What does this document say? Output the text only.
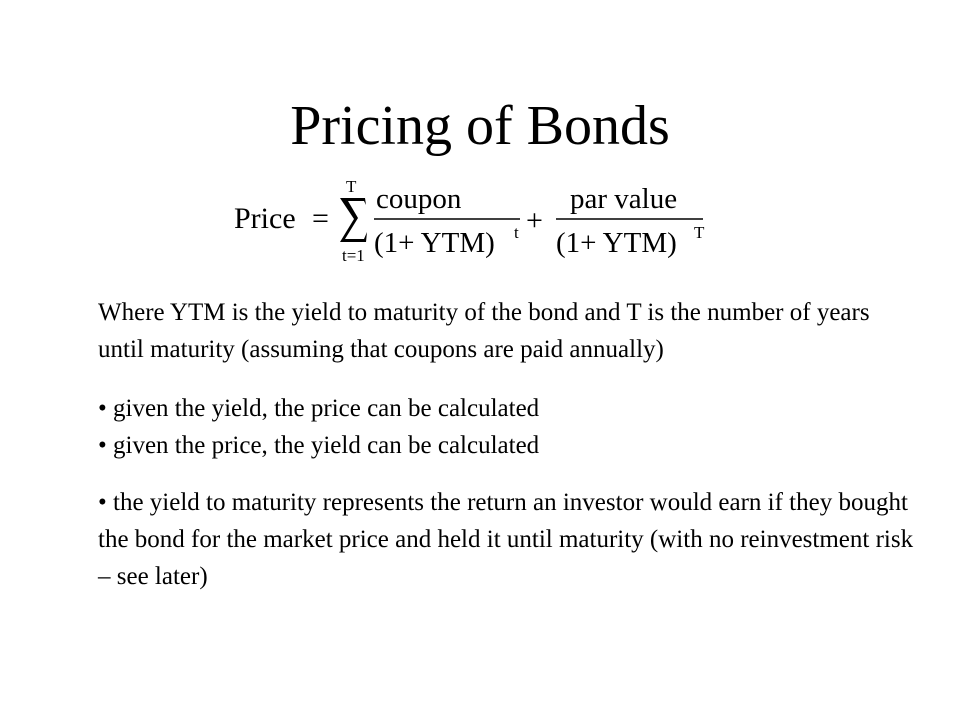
Pricing of Bonds
Price =
T
t=1
coupon
(1+ YTM) t +
par value
(1+ YTM) T

Where YTM is the yield to maturity of the bond and T is the number of years until maturity (assuming that coupons are paid annually)

• given the yield, the price can be calculated

• given the price, the yield can be calculated

• the yield to maturity represents the return an investor would earn if they bought the bond for the market price and held it until maturity (with no reinvestment risk – see later)
